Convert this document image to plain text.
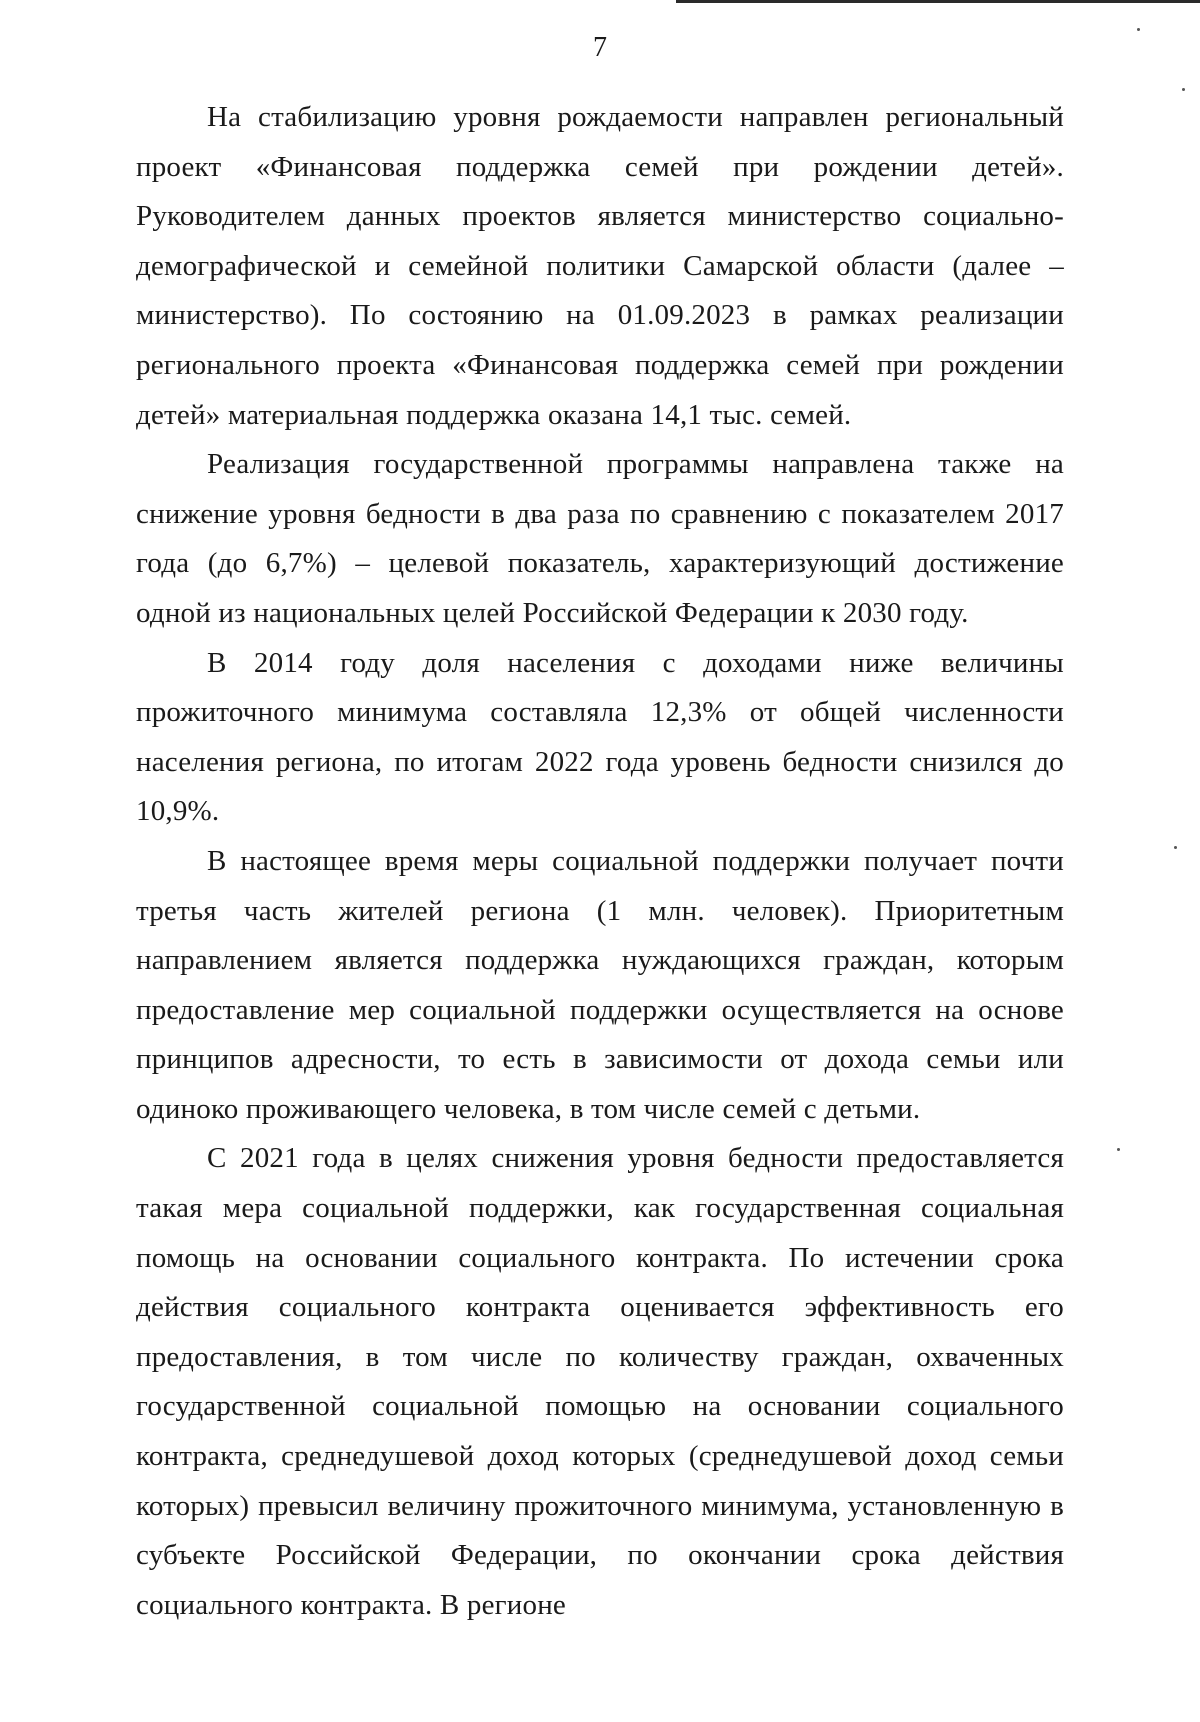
7

На стабилизацию уровня рождаемости направлен региональный проект «Финансовая поддержка семей при рождении детей». Руководителем данных проектов является министерство социально-демографической и семейной политики Самарской области (далее – министерство). По состоянию на 01.09.2023 в рамках реализации регионального проекта «Финансовая поддержка семей при рождении детей» материальная поддержка оказана 14,1 тыс. семей.

Реализация государственной программы направлена также на снижение уровня бедности в два раза по сравнению с показателем 2017 года (до 6,7%) – целевой показатель, характеризующий достижение одной из национальных целей Российской Федерации к 2030 году.

В 2014 году доля населения с доходами ниже величины прожиточного минимума составляла 12,3% от общей численности населения региона, по итогам 2022 года уровень бедности снизился до 10,9%.

В настоящее время меры социальной поддержки получает почти третья часть жителей региона (1 млн. человек). Приоритетным направлением является поддержка нуждающихся граждан, которым предоставление мер социальной поддержки осуществляется на основе принципов адресности, то есть в зависимости от дохода семьи или одиноко проживающего человека, в том числе семей с детьми.

С 2021 года в целях снижения уровня бедности предоставляется такая мера социальной поддержки, как государственная социальная помощь на основании социального контракта. По истечении срока действия социального контракта оценивается эффективность его предоставления, в том числе по количеству граждан, охваченных государственной социальной помощью на основании социального контракта, среднедушевой доход которых (среднедушевой доход семьи которых) превысил величину прожиточного минимума, установленную в субъекте Российской Федерации, по окончании срока действия социального контракта. В регионе
